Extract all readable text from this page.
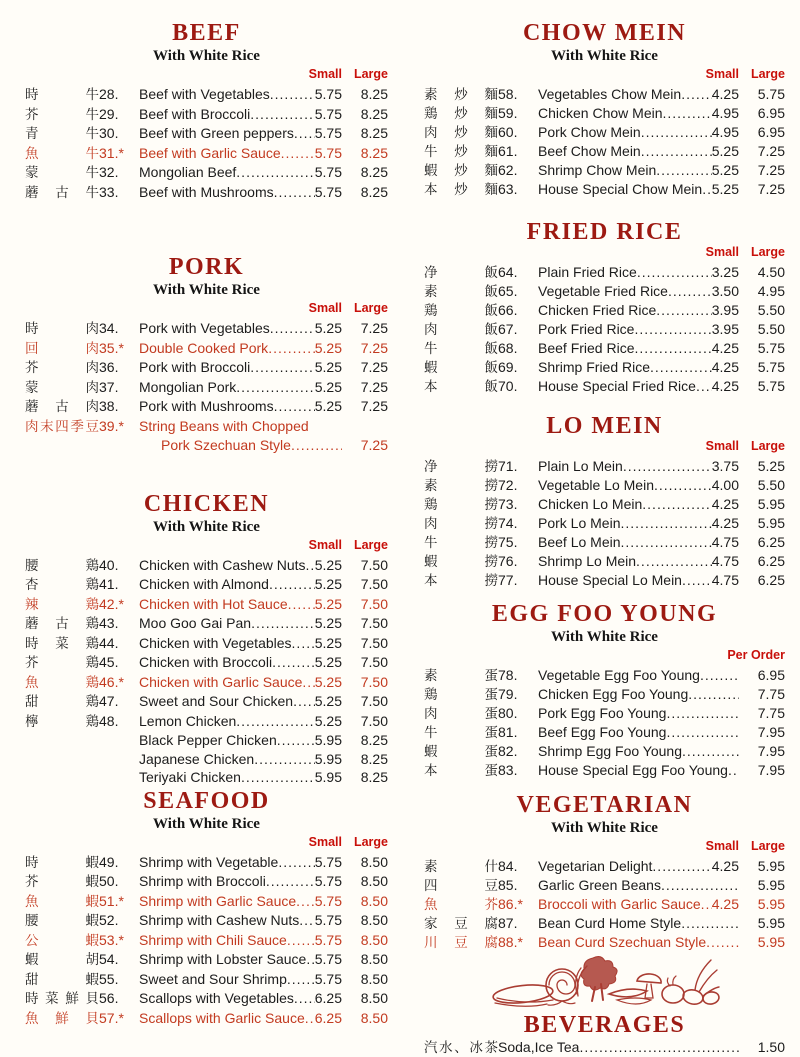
BEEF
With White Rice
Small Large
時	牛 28.	Beef with Vegetables .....	5.75	8.25
芥	牛 29.	Beef with Broccoli .....	5.75	8.25
青	牛 30.	Beef with Green peppers ..... 5.75	8.25
魚	牛 31.*	Beef with Garlic Sauce ..... 5.75	8.25
蒙	牛 32.	Mongolian Beef .....	5.75	8.25
蘑 古 牛 33.	Beef with Mushrooms .....	5.75	8.25
PORK
With White Rice
Small Large
時	肉 34.	Pork with Vegetables .....	5.25	7.25
回	肉 35.*	Double Cooked Pork .....	5.25	7.25
芥	肉 36.	Pork with Broccoli .....	5.25	7.25
蒙	肉 37.	Mongolian Pork .....	5.25	7.25
蘑 古 肉 38.	Pork with Mushrooms .....	5.25	7.25
肉 末 四 季 豆 39.*	String Beans with Chopped
Pork Szechuan Style .....	7.25
CHICKEN
With White Rice
Small Large
腰	鶏 40.	Chicken with Cashew Nuts ..... 5.25	7.50
杏	鶏 41.	Chicken with Almond .....	5.25	7.50
辣	鶏 42.*	Chicken with Hot Sauce ..... 5.25	7.50
蘑 古 鶏 43.	Moo Goo Gai Pan .....	5.25	7.50
時 菜 鶏 44.	Chicken with Vegetables ..... 5.25	7.50
芥	鶏 45.	Chicken with Broccoli .....	5.25	7.50
魚	鶏 46.*	Chicken with Garlic Sauce ..... 5.25	7.50
甜	鶏 47.	Sweet and Sour Chicken ..... 5.25	7.50
檸	鶏 48.	Lemon Chicken .....	5.25	7.50
Black Pepper Chicken .....	5.95	8.25
Japanese Chicken .....	5.95	8.25
Teriyaki Chicken .....	5.95	8.25
SEAFOOD
With White Rice
Small Large
時	蝦 49.	Shrimp with Vegetable .....	5.75	8.50
芥	蝦 50.	Shrimp with Broccoli .....	5.75	8.50
魚	蝦 51.*	Shrimp with Garlic Sauce ..... 5.75	8.50
腰	蝦 52.	Shrimp with Cashew Nuts ..... 5.75	8.50
公	蝦 53.*	Shrimp with Chili Sauce ..... 5.75	8.50
蝦	胡 54.	Shrimp with Lobster Sauce ..... 5.75	8.50
甜	蝦 55.	Sweet and Sour Shrimp ..... 5.75	8.50
時 菜 鮮 貝 56.	Scallops with Vegetables ..... 6.25	8.50
魚 鮮 貝 57.*	Scallops with Garlic Sauce ..... 6.25	8.50
CHOW MEIN
With White Rice
Small Large
素 炒 麵 58.	Vegetables Chow Mein ..... 4.25	5.75
鶏 炒 麵 59.	Chicken Chow Mein .....	4.95	6.95
肉 炒 麵 60.	Pork Chow Mein .....	4.95	6.95
牛 炒 麵 61.	Beef Chow Mein .....	5.25	7.25
蝦 炒 麵 62.	Shrimp Chow Mein .....	5.25	7.25
本 炒 麵 63.	House Special Chow Mein ..... 5.25	7.25
FRIED RICE
Small Large
净	飯 64.	Plain Fried Rice .....	3.25	4.50
素	飯 65.	Vegetable Fried Rice .....	3.50	4.95
鶏	飯 66.	Chicken Fried Rice .....	3.95	5.50
肉	飯 67.	Pork Fried Rice .....	3.95	5.50
牛	飯 68.	Beef Fried Rice .....	4.25	5.75
蝦	飯 69.	Shrimp Fried Rice .....	4.25	5.75
本	飯 70.	House Special Fried Rice ..... 4.25	5.75
LO MEIN
Small Large
净	撈 71.	Plain Lo Mein .....	3.75	5.25
素	撈 72.	Vegetable Lo Mein .....	4.00	5.50
鶏	撈 73.	Chicken Lo Mein .....	4.25	5.95
肉	撈 74.	Pork Lo Mein .....	4.25	5.95
牛	撈 75.	Beef Lo Mein .....	4.75	6.25
蝦	撈 76.	Shrimp Lo Mein .....	4.75	6.25
本	撈 77.	House Special Lo Mein ..... 4.75	6.25
EGG FOO YOUNG
With White Rice
Per Order
素	蛋 78.	Vegetable Egg Foo Young .....	6.95
鶏	蛋 79.	Chicken Egg Foo Young .....	7.75
肉	蛋 80.	Pork Egg Foo Young .....	7.75
牛	蛋 81.	Beef Egg Foo Young .....	7.95
蝦	蛋 82.	Shrimp Egg Foo Young .....	7.95
本	蛋 83.	House Special Egg Foo Young .....	7.95
VEGETARIAN
With White Rice
Small Large
素	什 84.	Vegetarian Delight .....	4.25	5.95
四	豆 85.	Garlic Green Beans .....	5.95
魚	芥 86.*	Broccoli with Garlic Sauce ..... 4.25	5.95
家 豆 腐 87.	Bean Curd Home Style .....	5.95
川 豆 腐 88.*	Bean Curd Szechuan Style .....	5.95
BEVERAGES
汽 水 、 冰 茶 Soda,Ice Tea .....	1.50
